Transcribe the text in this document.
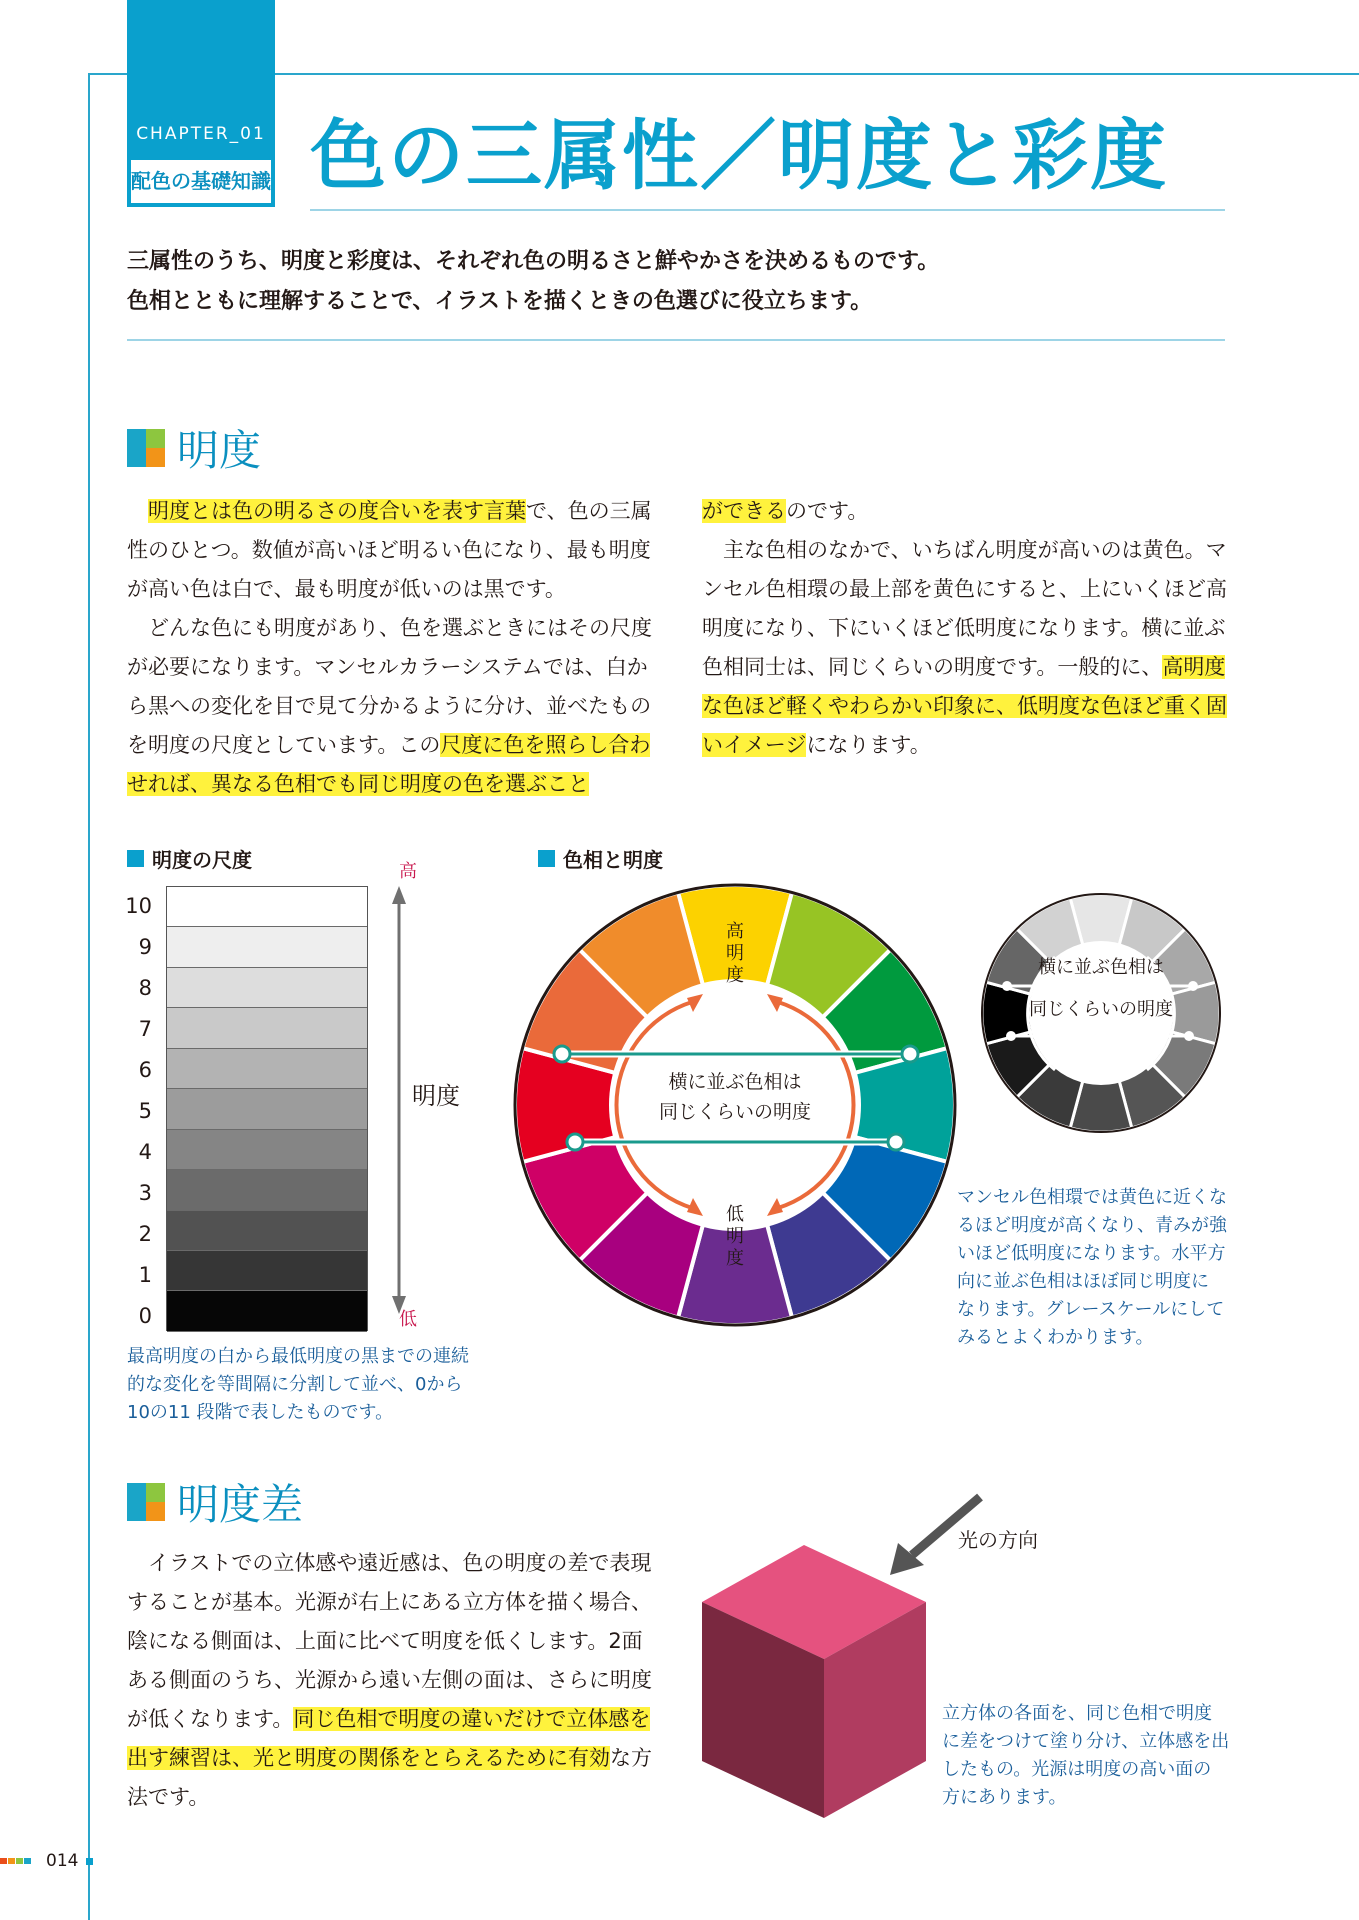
CHAPTER_01
配色の基礎知識 色の三属性／明度と彩度
三属性のうち、明度と彩度は、それぞれ色の明るさと鮮やかさを決めるものです。
色相とともに理解することで、イラストを描くときの色選びに役立ちます。
明度

明度とは色の明るさの度合いを表す言葉で、色の三属性のひとつ。数値が高いほど明るい色になり、最も明度が高い色は白で、最も明度が低いのは黒です。

どんな色にも明度があり、色を選ぶときにはその尺度が必要になります。マンセルカラーシステムでは、白から黒への変化を目で見て分かるように分け、並べたものを明度の尺度としています。この尺度に色を照らし合わせれば、異なる色相でも同じ明度の色を選ぶこと

ができるのです。

主な色相のなかで、いちばん明度が高いのは黄色。マンセル色相環の最上部を黄色にすると、上にいくほど高明度になり、下にいくほど低明度になります。横に並ぶ色相同士は、同じくらいの明度です。一般的に、高明度な色ほど軽くやわらかい印象に、低明度な色ほど重く固いイメージになります。

明度の尺度
10
9
8
7
6
5
4
3
2
1
0
高
低
明度
最高明度の白から最低明度の黒までの連続
的な変化を等間隔に分割して並べ、0から
10の11 段階で表したものです。
色相と明度
高
明
度
低
明
度
横に並ぶ色相は
同じくらいの明度
横に並ぶ色相は
同じくらいの明度
マンセル色相環では黄色に近くな
るほど明度が高くなり、青みが強
いほど低明度になります。水平方
向に並ぶ色相はほぼ同じ明度に
なります。グレースケールにして
みるとよくわかります。
明度差

イラストでの立体感や遠近感は、色の明度の差で表現することが基本。光源が右上にある立方体を描く場合、陰になる側面は、上面に比べて明度を低くします。2面ある側面のうち、光源から遠い左側の面は、さらに明度が低くなります。同じ色相で明度の違いだけで立体感を出す練習は、光と明度の関係をとらえるために有効な方法です。

光の方向
立方体の各面を、同じ色相で明度
に差をつけて塗り分け、立体感を出
したもの。光源は明度の高い面の
方にあります。
014
